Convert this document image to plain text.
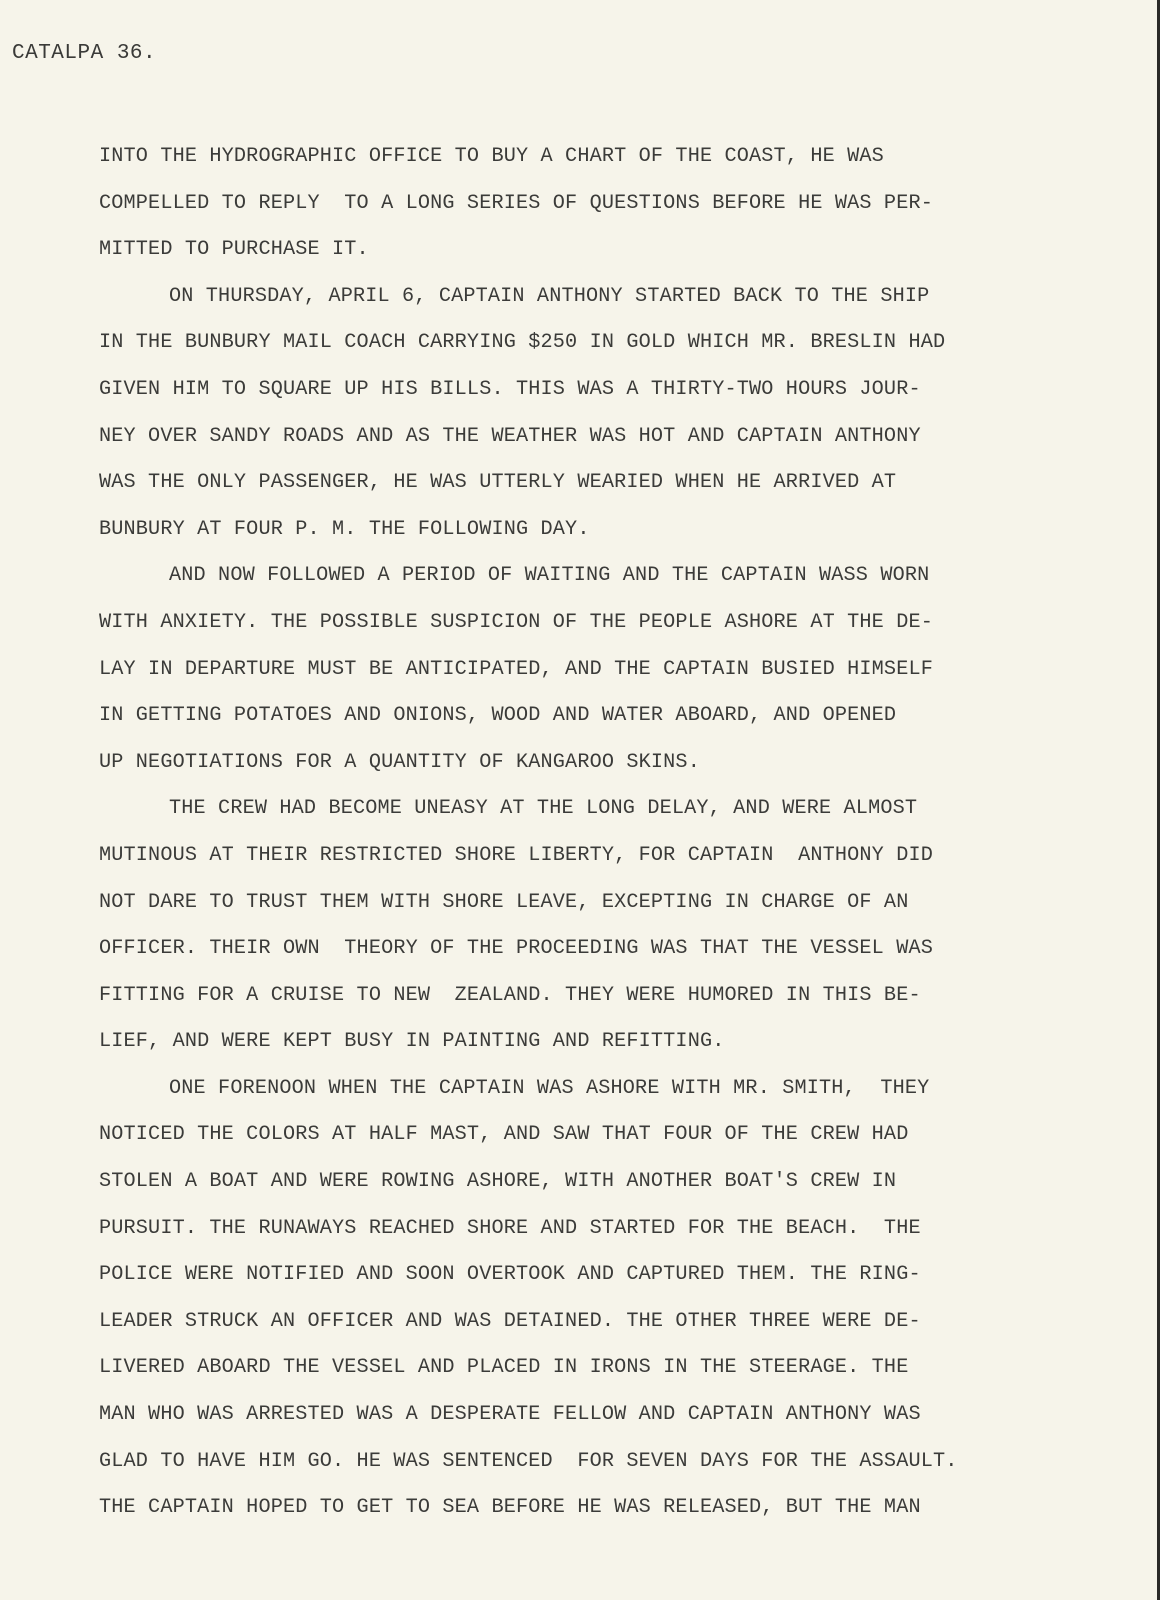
CATALPA 36.
INTO THE HYDROGRAPHIC OFFICE TO BUY A CHART OF THE COAST, HE WAS
COMPELLED TO REPLY  TO A LONG SERIES OF QUESTIONS BEFORE HE WAS PER-
MITTED TO PURCHASE IT.
ON THURSDAY, APRIL 6, CAPTAIN ANTHONY STARTED BACK TO THE SHIP
IN THE BUNBURY MAIL COACH CARRYING $250 IN GOLD WHICH MR. BRESLIN HAD
GIVEN HIM TO SQUARE UP HIS BILLS. THIS WAS A THIRTY-TWO HOURS JOUR-
NEY OVER SANDY ROADS AND AS THE WEATHER WAS HOT AND CAPTAIN ANTHONY
WAS THE ONLY PASSENGER, HE WAS UTTERLY WEARIED WHEN HE ARRIVED AT
BUNBURY AT FOUR P. M. THE FOLLOWING DAY.
AND NOW FOLLOWED A PERIOD OF WAITING AND THE CAPTAIN WASS WORN
WITH ANXIETY. THE POSSIBLE SUSPICION OF THE PEOPLE ASHORE AT THE DE-
LAY IN DEPARTURE MUST BE ANTICIPATED, AND THE CAPTAIN BUSIED HIMSELF
IN GETTING POTATOES AND ONIONS, WOOD AND WATER ABOARD, AND OPENED
UP NEGOTIATIONS FOR A QUANTITY OF KANGAROO SKINS.
THE CREW HAD BECOME UNEASY AT THE LONG DELAY, AND WERE ALMOST
MUTINOUS AT THEIR RESTRICTED SHORE LIBERTY, FOR CAPTAIN  ANTHONY DID
NOT DARE TO TRUST THEM WITH SHORE LEAVE, EXCEPTING IN CHARGE OF AN
OFFICER. THEIR OWN  THEORY OF THE PROCEEDING WAS THAT THE VESSEL WAS
FITTING FOR A CRUISE TO NEW  ZEALAND. THEY WERE HUMORED IN THIS BE-
LIEF, AND WERE KEPT BUSY IN PAINTING AND REFITTING.
ONE FORENOON WHEN THE CAPTAIN WAS ASHORE WITH MR. SMITH,  THEY
NOTICED THE COLORS AT HALF MAST, AND SAW THAT FOUR OF THE CREW HAD
STOLEN A BOAT AND WERE ROWING ASHORE, WITH ANOTHER BOAT'S CREW IN
PURSUIT. THE RUNAWAYS REACHED SHORE AND STARTED FOR THE BEACH.  THE
POLICE WERE NOTIFIED AND SOON OVERTOOK AND CAPTURED THEM. THE RING-
LEADER STRUCK AN OFFICER AND WAS DETAINED. THE OTHER THREE WERE DE-
LIVERED ABOARD THE VESSEL AND PLACED IN IRONS IN THE STEERAGE. THE
MAN WHO WAS ARRESTED WAS A DESPERATE FELLOW AND CAPTAIN ANTHONY WAS
GLAD TO HAVE HIM GO. HE WAS SENTENCED  FOR SEVEN DAYS FOR THE ASSAULT.
THE CAPTAIN HOPED TO GET TO SEA BEFORE HE WAS RELEASED, BUT THE MAN
